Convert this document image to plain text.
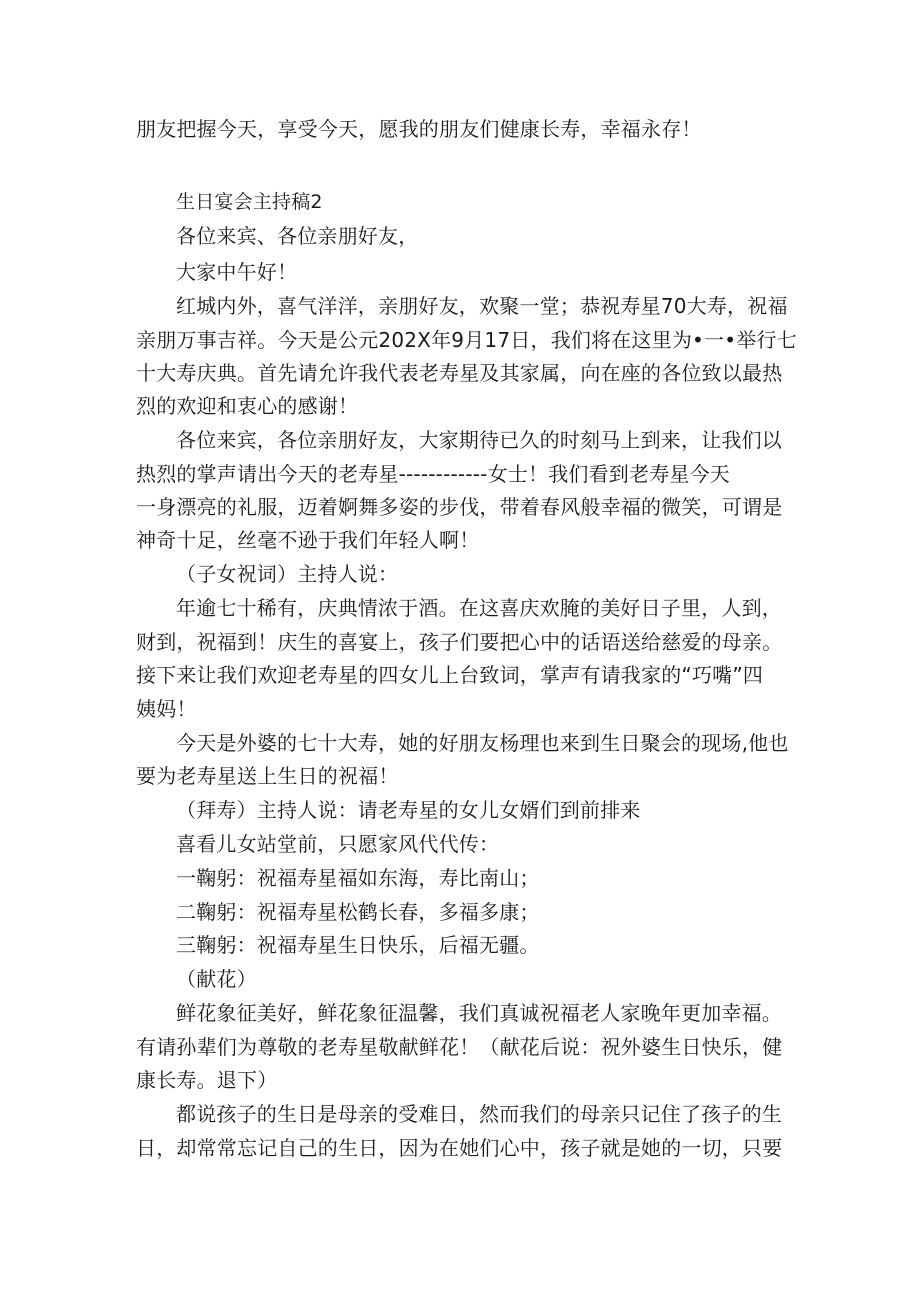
朋友把握今天，享受今天，愿我的朋友们健康长寿，幸福永存！
生日宴会主持稿2
各位来宾、各位亲朋好友，
大家中午好！
红城内外，喜气洋洋，亲朋好友，欢聚一堂；恭祝寿星70大寿，祝福
亲朋万事吉祥。今天是公元202X年9月17日，我们将在这里为•一•举行七
十大寿庆典。首先请允许我代表老寿星及其家属，向在座的各位致以最热
烈的欢迎和衷心的感谢！
各位来宾，各位亲朋好友，大家期待已久的时刻马上到来，让我们以
热烈的掌声请出今天的老寿星------------女士！我们看到老寿星今天
一身漂亮的礼服，迈着婀舞多姿的步伐，带着春风般幸福的微笑，可谓是
神奇十足，丝毫不逊于我们年轻人啊！
（子女祝词）主持人说：
年逾七十稀有，庆典情浓于酒。在这喜庆欢腌的美好日子里，人到，
财到，祝福到！庆生的喜宴上，孩子们要把心中的话语送给慈爱的母亲。
接下来让我们欢迎老寿星的四女儿上台致词，掌声有请我家的“巧嘴”四
姨妈！
今天是外婆的七十大寿，她的好朋友杨理也来到生日聚会的现场,他也
要为老寿星送上生日的祝福！
（拜寿）主持人说：请老寿星的女儿女婿们到前排来
喜看儿女站堂前，只愿家风代代传：
一鞠躬：祝福寿星福如东海，寿比南山；
二鞠躬：祝福寿星松鹤长春，多福多康；
三鞠躬：祝福寿星生日快乐，后福无疆。
（献花）
鲜花象征美好，鲜花象征温馨，我们真诚祝福老人家晚年更加幸福。
有请孙辈们为尊敬的老寿星敬献鲜花！（献花后说：祝外婆生日快乐，健
康长寿。退下）
都说孩子的生日是母亲的受难日，然而我们的母亲只记住了孩子的生
日，却常常忘记自己的生日，因为在她们心中，孩子就是她的一切，只要
